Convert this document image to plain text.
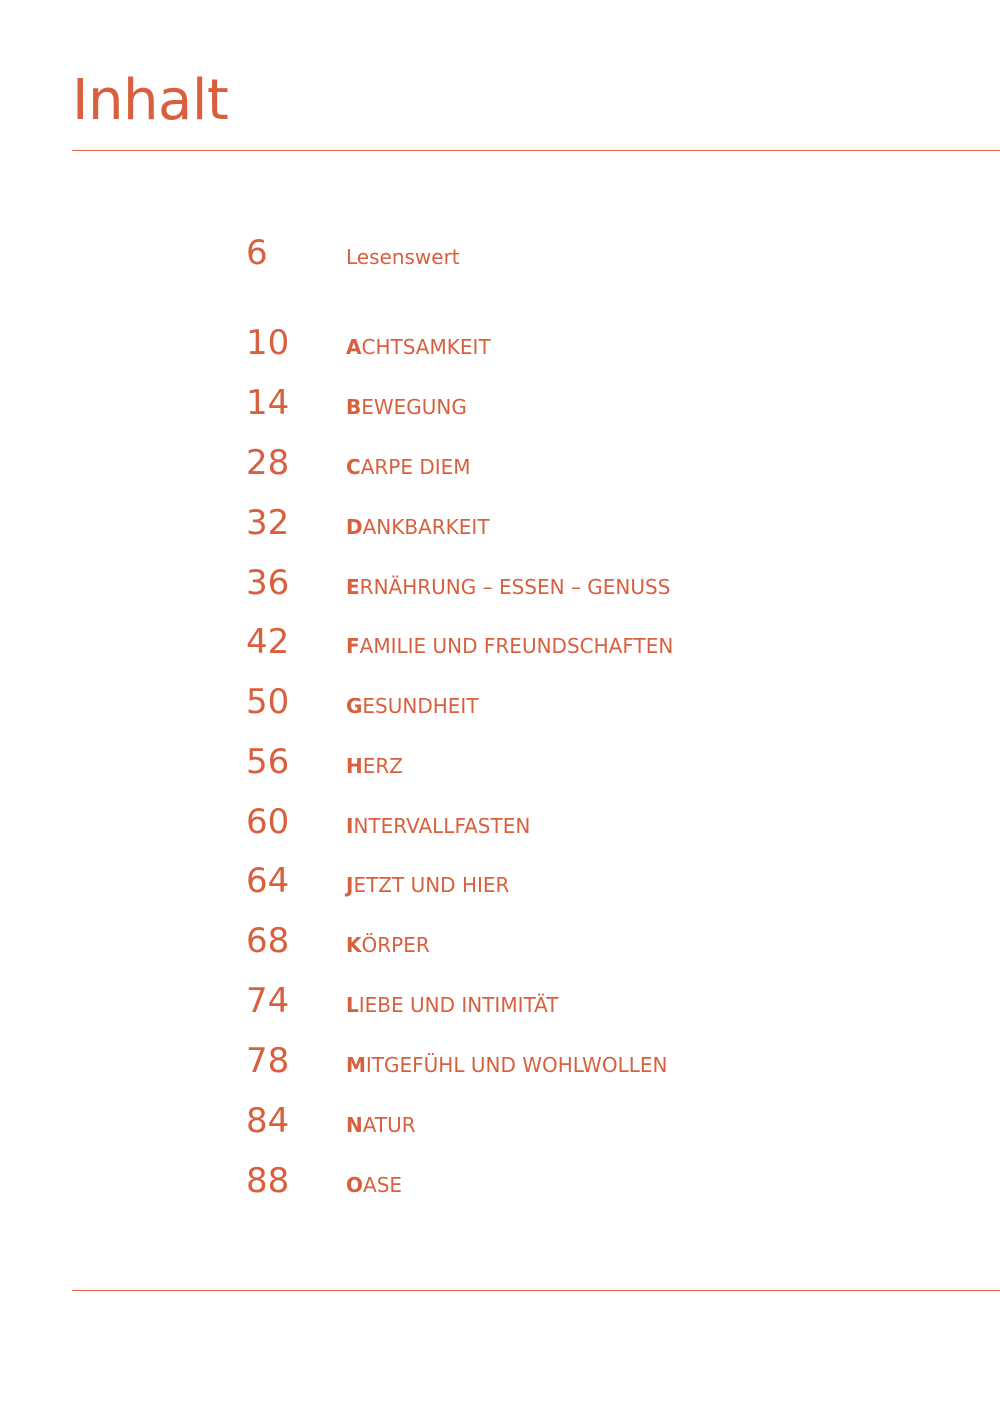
Inhalt
6	Lesenswert
10	ACHTSAMKEIT
14	BEWEGUNG
28	CARPE DIEM
32	DANKBARKEIT
36	ERNÄHRUNG – ESSEN – GENUSS
42	FAMILIE UND FREUNDSCHAFTEN
50	GESUNDHEIT
56	HERZ
60	INTERVALLFASTEN
64	JETZT UND HIER
68	KÖRPER
74	LIEBE UND INTIMITÄT
78	MITGEFÜHL UND WOHLWOLLEN
84	NATUR
88	OASE
